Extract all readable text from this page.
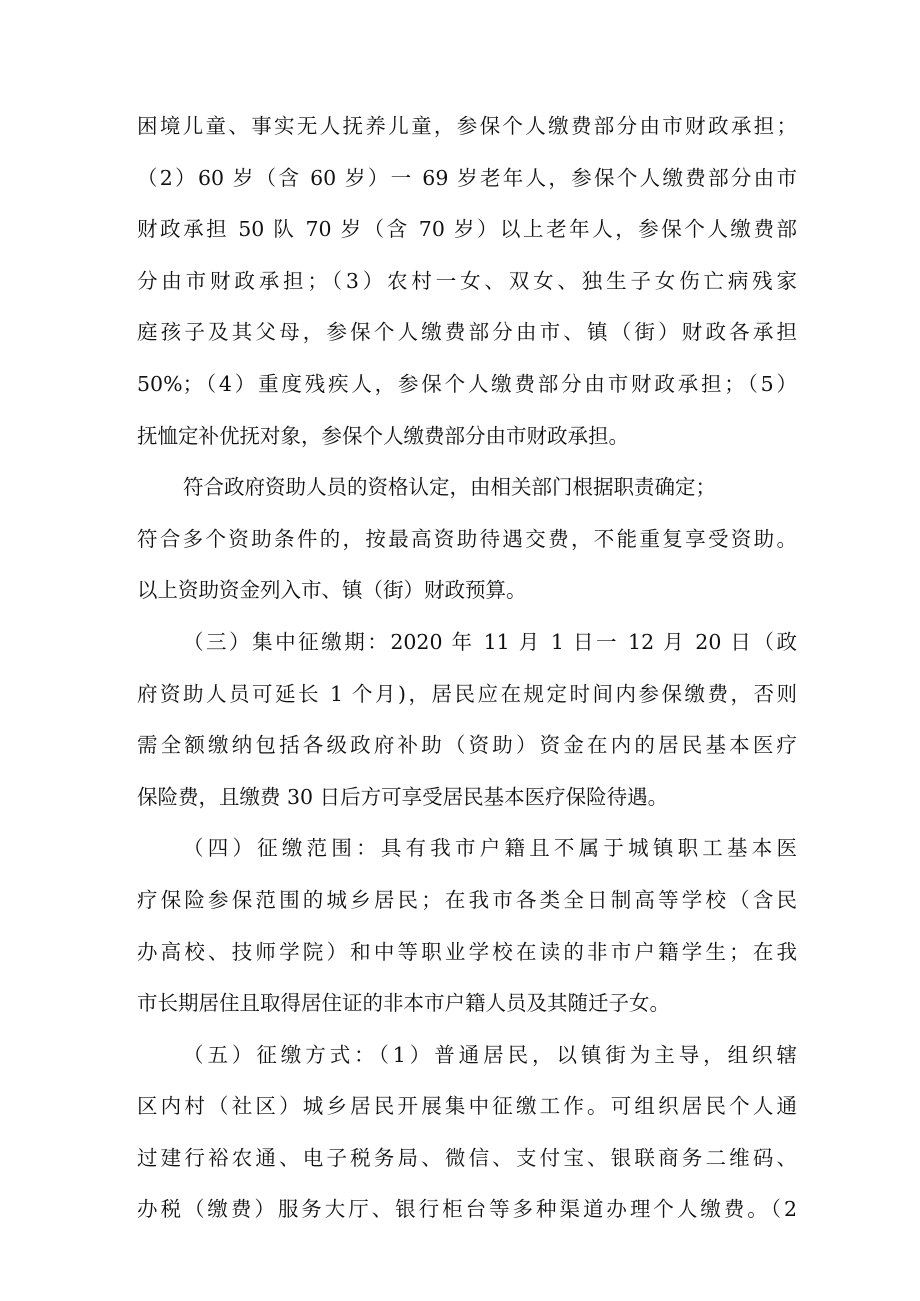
困境儿童、事实无人抚养儿童，参保个人缴费部分由市财政承担；
（2）60 岁（含 60 岁）一 69 岁老年人，参保个人缴费部分由市
财政承担 50 队 70 岁（含 70 岁）以上老年人，参保个人缴费部
分由市财政承担；（3）农村一女、双女、独生子女伤亡病残家
庭孩子及其父母，参保个人缴费部分由市、镇（街）财政各承担
50%；（4）重度残疾人，参保个人缴费部分由市财政承担；（5）
抚恤定补优抚对象，参保个人缴费部分由市财政承担。
符合政府资助人员的资格认定，由相关部门根据职责确定；
符合多个资助条件的，按最高资助待遇交费，不能重复享受资助。
以上资助资金列入市、镇（街）财政预算。
（三）集中征缴期：2020 年 11 月 1 日一 12 月 20 日（政
府资助人员可延长 1 个月)，居民应在规定时间内参保缴费，否则
需全额缴纳包括各级政府补助（资助）资金在内的居民基本医疗
保险费，且缴费 30 日后方可享受居民基本医疗保险待遇。
（四）征缴范围：具有我市户籍且不属于城镇职工基本医
疗保险参保范围的城乡居民；在我市各类全日制高等学校（含民
办高校、技师学院）和中等职业学校在读的非市户籍学生；在我
市长期居住且取得居住证的非本市户籍人员及其随迁子女。
（五）征缴方式：（1）普通居民，以镇街为主导，组织辖
区内村（社区）城乡居民开展集中征缴工作。可组织居民个人通
过建行裕农通、电子税务局、微信、支付宝、银联商务二维码、
办税（缴费）服务大厅、银行柜台等多种渠道办理个人缴费。（2
